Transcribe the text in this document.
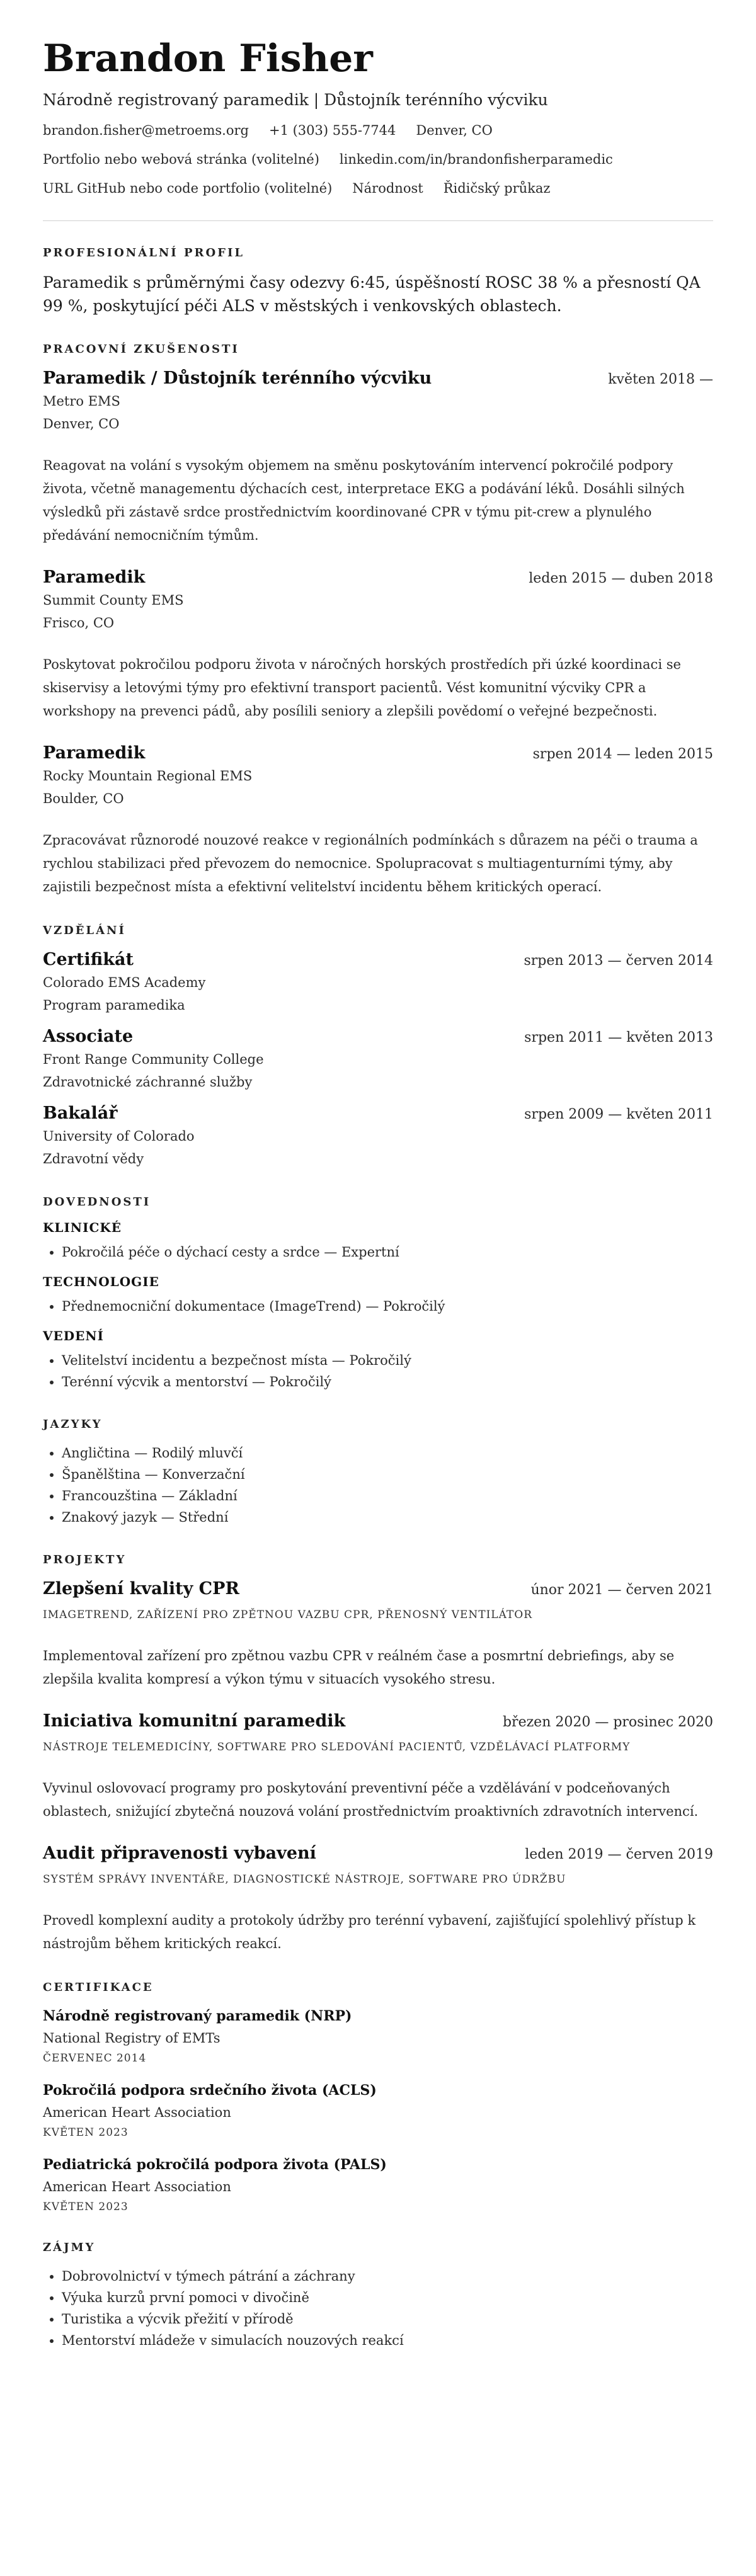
Brandon Fisher
Národně registrovaný paramedik | Důstojník terénního výcviku
brandon.fisher@metroems.org +1 (303) 555-7744 Denver, CO
Portfolio nebo webová stránka (volitelné) linkedin.com/in/brandonfisherparamedic
URL GitHub nebo code portfolio (volitelné) Národnost Řidičský průkaz
PROFESIONÁLNÍ PROFIL

Paramedik s průměrnými časy odezvy 6:45, úspěšností ROSC 38 % a přesností QA 99 %, poskytující péči ALS v městských i venkovských oblastech.

PRACOVNÍ ZKUŠENOSTI
Paramedik / Důstojník terénního výcviku	květen 2018 —
Metro EMS
Denver, CO
Reagovat na volání s vysokým objemem na směnu poskytováním intervencí pokročilé podpory života, včetně managementu dýchacích cest, interpretace EKG a podávání léků. Dosáhli silných výsledků při zástavě srdce prostřednictvím koordinované CPR v týmu pit-crew a plynulého předávání nemocničním týmům.
Paramedik	leden 2015 — duben 2018
Summit County EMS
Frisco, CO
Poskytovat pokročilou podporu života v náročných horských prostředích při úzké koordinaci se skiservisy a letovými týmy pro efektivní transport pacientů. Vést komunitní výcviky CPR a workshopy na prevenci pádů, aby posílili seniory a zlepšili povědomí o veřejné bezpečnosti.
Paramedik	srpen 2014 — leden 2015
Rocky Mountain Regional EMS
Boulder, CO
Zpracovávat různorodé nouzové reakce v regionálních podmínkách s důrazem na péči o trauma a rychlou stabilizaci před převozem do nemocnice. Spolupracovat s multiagenturními týmy, aby zajistili bezpečnost místa a efektivní velitelství incidentu během kritických operací.
VZDĚLÁNÍ
Certifikát	srpen 2013 — červen 2014
Colorado EMS Academy
Program paramedika
Associate	srpen 2011 — květen 2013
Front Range Community College
Zdravotnické záchranné služby
Bakalář	srpen 2009 — květen 2011
University of Colorado
Zdravotní vědy
DOVEDNOSTI
KLINICKÉ
• Pokročilá péče o dýchací cesty a srdce — Expertní
TECHNOLOGIE
• Přednemocniční dokumentace (ImageTrend) — Pokročilý
VEDENÍ
• Velitelství incidentu a bezpečnost místa — Pokročilý
• Terénní výcvik a mentorství — Pokročilý
JAZYKY
• Angličtina — Rodilý mluvčí
• Španělština — Konverzační
• Francouzština — Základní
• Znakový jazyk — Střední
PROJEKTY
Zlepšení kvality CPR	únor 2021 — červen 2021
IMAGETREND, ZAŘÍZENÍ PRO ZPĚTNOU VAZBU CPR, PŘENOSNÝ VENTILÁTOR
Implementoval zařízení pro zpětnou vazbu CPR v reálném čase a posmrtní debriefings, aby se zlepšila kvalita kompresí a výkon týmu v situacích vysokého stresu.
Iniciativa komunitní paramedik	březen 2020 — prosinec 2020
NÁSTROJE TELEMEDICÍNY, SOFTWARE PRO SLEDOVÁNÍ PACIENTŮ, VZDĚLÁVACÍ PLATFORMY
Vyvinul oslovovací programy pro poskytování preventivní péče a vzdělávání v podceňovaných oblastech, snižující zbytečná nouzová volání prostřednictvím proaktivních zdravotních intervencí.
Audit připravenosti vybavení	leden 2019 — červen 2019
SYSTÉM SPRÁVY INVENTÁŘE, DIAGNOSTICKÉ NÁSTROJE, SOFTWARE PRO ÚDRŽBU
Provedl komplexní audity a protokoly údržby pro terénní vybavení, zajišťující spolehlivý přístup k nástrojům během kritických reakcí.
CERTIFIKACE
Národně registrovaný paramedik (NRP)
National Registry of EMTs
ČERVENEC 2014
Pokročilá podpora srdečního života (ACLS)
American Heart Association
KVĚTEN 2023
Pediatrická pokročilá podpora života (PALS)
American Heart Association
KVĚTEN 2023
ZÁJMY
• Dobrovolnictví v týmech pátrání a záchrany
• Výuka kurzů první pomoci v divočině
• Turistika a výcvik přežití v přírodě
• Mentorství mládeže v simulacích nouzových reakcí
